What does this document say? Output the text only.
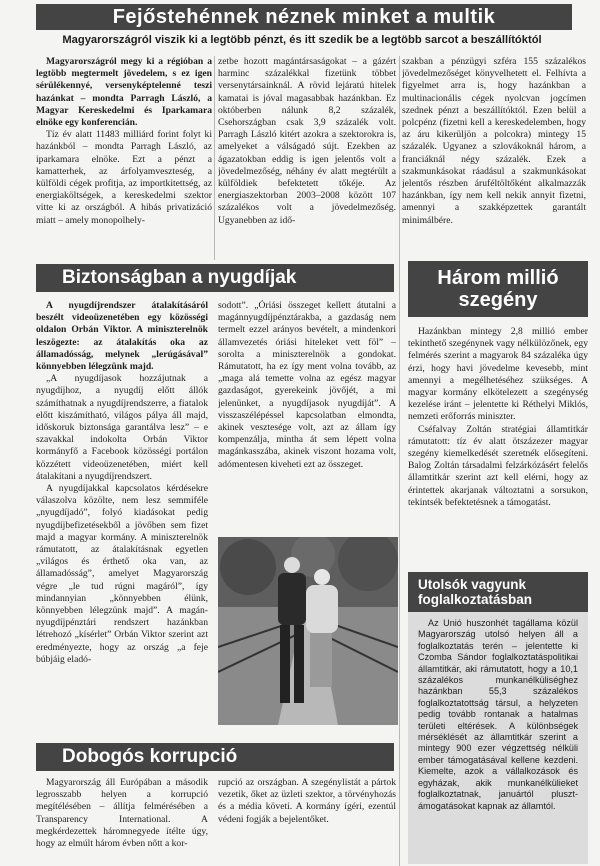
Fejőstehénnek néznek minket a multik
Magyarországról viszik ki a legtöbb pénzt, és itt szedik be a legtöbb sarcot a beszállítóktól

Magyarországról megy ki a régióban a legtöbb megtermelt jövedelem, s ez igen sérülékennyé, versenyképtelenné teszi hazánkat – mondta Parragh László, a Magyar Kereskedelmi és Iparkamara elnöke egy konferencián.

Tíz év alatt 11483 milliárd forint folyt ki hazánkból – mondta Parragh László, az iparkamara elnöke. Ezt a pénzt a kamatterhek, az árfolyamveszteség, a külföldi cégek profitja, az importkitettség, az energiaköltségek, a kereskedelmi szektor vitte ki az országból. A hibás privatizáció miatt – amely monopolhely-

zetbe hozott magántársaságokat – a gázért harminc százalékkal fizetünk többet versenytársainknál. A rövid lejáratú hitelek kamatai is jóval magasabbak hazánkban. Ez októberben nálunk 8,2 százalék, Csehországban csak 3,9 százalék volt. Parragh László kitért azokra a szektorokra is, amelyeket a válságadó sújt. Ezekben az ágazatokban eddig is igen jelentős volt a jövedelmezőség, néhány év alatt megtérült a külföldiek befektetett tőkéje. Az energiaszektorban 2003–2008 között 107 százalékos volt a jövedelmezőség. Ugyanebben az idő-

szakban a pénzügyi szféra 155 százalékos jövedelmezőséget könyvelhetett el. Felhívta a figyelmet arra is, hogy hazánkban a multinacionális cégek nyolcvan jogcímen szednek pénzt a beszállítóktól. Ezen belül a polcpénz (fizetni kell a kereskedelemben, hogy az áru kikerüljön a polcokra) mintegy 15 százalék. Ugyanez a szlovákoknál három, a franciáknál négy százalék. Ezek a szakmunkásokat ráadásul a szakmunkásokat jelentős részben áruféltöltőként alkalmazzák hazánkban, így nem kell nekik annyit fizetni, amennyi a szakképzettek garantált minimálbére.

Biztonságban a nyugdíjak

A nyugdíjrendszer átalakításáról beszélt videoüzenetében egy közösségi oldalon Orbán Viktor. A miniszterelnök leszögezte: az átalakítás oka az államadósság, melynek „lerúgásával” könnyebben lélegzünk majd.

„A nyugdíjasok hozzájutnak a nyugdíjhoz, a nyugdíj előtt állók számíthatnak a nyugdíjrendszerre, a fiatalok előtt kiszámítható, világos pálya áll majd, időskoruk biztonsága garantálva lesz” – e szavakkal indokolta Orbán Viktor kormányfő a Facebook közösségi portálon közzétett videoüzenetében, miért kell átalakítani a nyugdíjrendszert.

A nyugdíjakkal kapcsolatos kérdésekre válaszolva közölte, nem lesz semmiféle „nyugdíjadó”, folyó kiadásokat pedig nyugdíjbefizetésekből a jövőben sem fizet majd a magyar kormány. A miniszterelnök rámutatott, az átalakításnak egyetlen „világos és érthető oka van, az államadósság”, amelyet Magyarország végre „le tud rúgni magáról”, így mindannyian „könnyebben élünk, könnyebben lélegzünk majd”. A magán-nyugdíjpénztári rendszert hazánkban létrehozó „kísérlet” Orbán Viktor szerint azt eredményezte, hogy az ország „a feje búbjáig eladó-

sodott”. „Óriási összeget kellett átutalni a magánnyugdíjpénztárakba, a gazdaság nem termelt ezzel arányos bevételt, a mindenkori államvezetés óriási hiteleket vett föl” – sorolta a miniszterelnök a gondokat. Rámutatott, ha ez így ment volna tovább, az „maga alá temette volna az egész magyar gazdaságot, gyerekeink jövőjét, a mi jelenünket, a nyugdíjasok nyugdíját”. A visszaszélépéssel kapcsolatban elmondta, akinek vesztesége volt, azt az állam így kompenzálja, mintha át sem lépett volna magánkasszába, akinek viszont hozama volt, adómentesen kiveheti ezt az összeget.

Dobogós korrupció

Magyarország áll Európában a második legrosszabb helyen a korrupció megítélésében – állítja felmérésében a Transparency International. A megkérdezettek háromnegyede ítélte úgy, hogy az elmúlt három évben nőtt a kor-

rupció az országban. A szegénylistát a pártok vezetik, őket az üzleti szektor, a törvényhozás és a média követi. A kormány ígéri, ezentúl védeni fogják a bejelentőket.

Három millió
szegény

Hazánkban mintegy 2,8 millió ember tekinthető szegénynek vagy nélkülözőnek, egy felmérés szerint a magyarok 84 százaléka úgy érzi, hogy havi jövedelme kevesebb, mint amennyi a megélhetéséhez szükséges. A magyar kormány elkötelezett a szegénység kezelése iránt – jelentette ki Réthelyi Miklós, nemzeti erőforrás miniszter.

Cséfalvay Zoltán stratégiai államtitkár rámutatott: tíz év alatt ötszázezer magyar szegény kiemelkedését szeretnék elősegíteni. Balog Zoltán társadalmi felzárkózásért felelős államtitkár szerint azt kell elérni, hogy az érintettek akarjanak változtatni a sorsukon, tekintsék befektetésnek a támogatást.

Utolsók vagyunk foglalkoztatásban

Az Unió huszonhét tagállama közül Magyarország utolsó helyen áll a foglalkoztatás terén – jelentette ki Czomba Sándor foglalkoztatáspolitikai államtitkár, aki rámutatott, hogy a 10,1 százalékos munkanélküliséghez hazánkban 55,3 százalékos foglalkoztatottság társul, a helyzeten pedig tovább rontanak a hatalmas területi eltérések. A különbségek mérséklését az államtitkár szerint a mintegy 900 ezer végzettség nélküli ember támogatásával kellene kezdeni. Kiemelte, azok a vállalkozások és egyházak, akik munkanélkülieket foglalkoztatnak, januártól plusztámogatásokat kapnak az államtól.
